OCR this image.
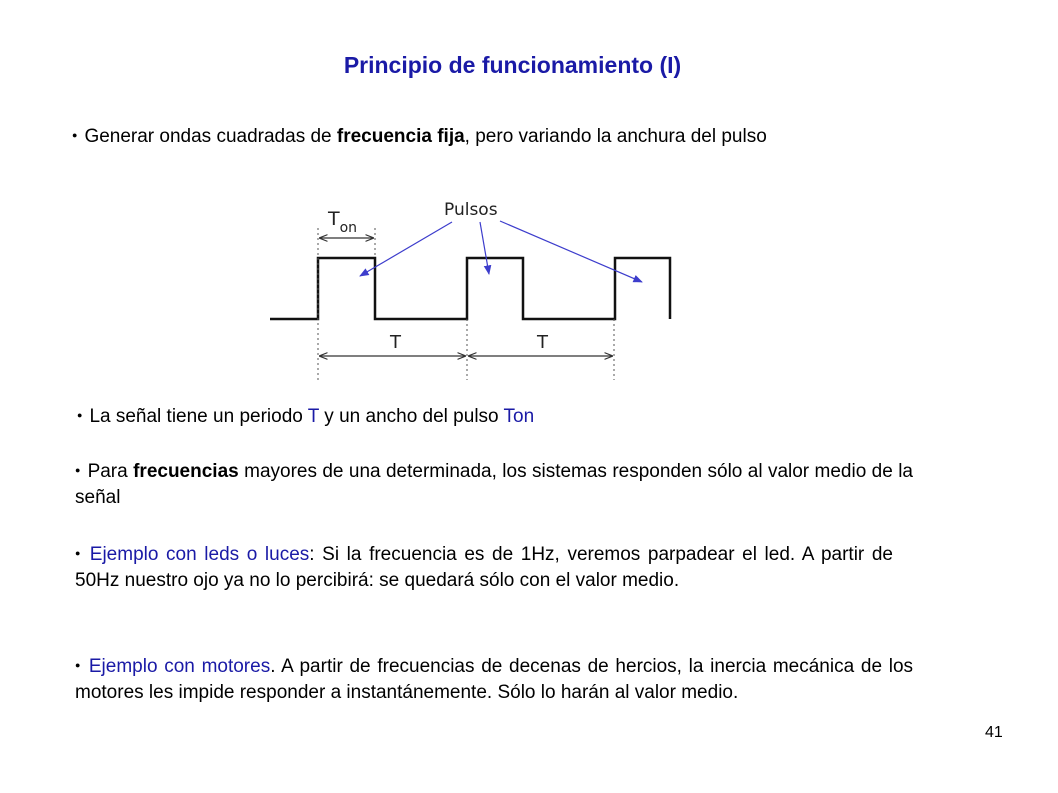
Principio de funcionamiento (I)

● Generar ondas cuadradas de frecuencia fija, pero variando la anchura del pulso

$T_{on}$
T	T
Pulsos

● La señal tiene un periodo T y un ancho del pulso Ton

● Para frecuencias mayores de una determinada, los sistemas responden sólo al valor medio de la señal

● Ejemplo con leds o luces: Si la frecuencia es de 1Hz, veremos parpadear el led. A partir de 50Hz nuestro ojo ya no lo percibirá: se quedará sólo con el valor medio.

● Ejemplo con motores. A partir de frecuencias de decenas de hercios, la inercia mecánica de los motores les impide responder a instantánemente. Sólo lo harán al valor medio.

41
